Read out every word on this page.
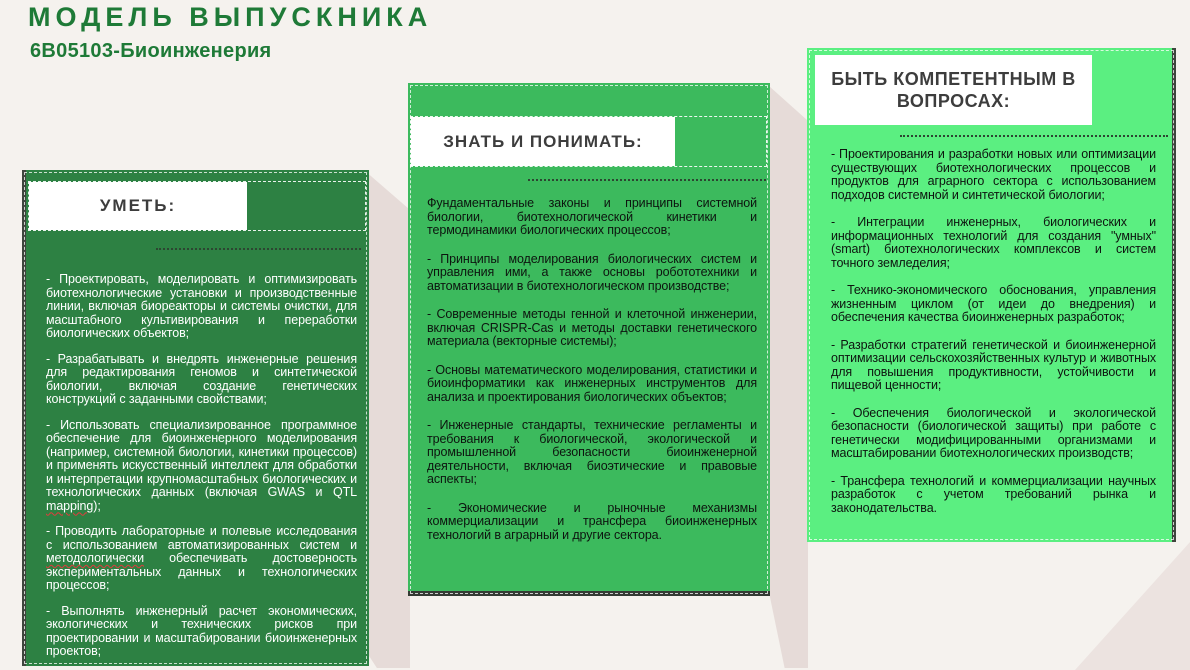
МОДЕЛЬ ВЫПУСКНИКА
6В05103-Биоинженерия
УМЕТЬ:

- Проектировать, моделировать и оптимизировать биотехнологические установки и производственные линии, включая биореакторы и системы очистки, для масштабного культивирования и переработки биологических объектов;

- Разрабатывать и внедрять инженерные решения для редактирования геномов и синтетической биологии, включая создание генетических конструкций с заданными свойствами;

- Использовать специализированное программное обеспечение для биоинженерного моделирования (например, системной биологии, кинетики процессов) и применять искусственный интеллект для обработки и интерпретации крупномасштабных биологических и технологических данных (включая GWAS и QTL mapping);

- Проводить лабораторные и полевые исследования с использованием автоматизированных систем и методологически обеспечивать достоверность экспериментальных данных и технологических процессов;

- Выполнять инженерный расчет экономических, экологических и технических рисков при проектировании и масштабировании биоинженерных проектов;

ЗНАТЬ И ПОНИМАТЬ:

Фундаментальные законы и принципы системной биологии, биотехнологической кинетики и термодинамики биологических процессов;

- Принципы моделирования биологических систем и управления ими, а также основы робототехники и автоматизации в биотехнологическом производстве;

- Современные методы генной и клеточной инженерии, включая CRISPR-Cas и методы доставки генетического материала (векторные системы);

- Основы математического моделирования, статистики и биоинформатики как инженерных инструментов для анализа и проектирования биологических объектов;

- Инженерные стандарты, технические регламенты и требования к биологической, экологической и промышленной безопасности биоинженерной деятельности, включая биоэтические и правовые аспекты;

- Экономические и рыночные механизмы коммерциализации и трансфера биоинженерных технологий в аграрный и другие сектора.

БЫТЬ КОМПЕТЕНТНЫМ В ВОПРОСАХ:

- Проектирования и разработки новых или оптимизации существующих биотехнологических процессов и продуктов для аграрного сектора с использованием подходов системной и синтетической биологии;

- Интеграции инженерных, биологических и информационных технологий для создания "умных" (smart) биотехнологических комплексов и систем точного земледелия;

- Технико-экономического обоснования, управления жизненным циклом (от идеи до внедрения) и обеспечения качества биоинженерных разработок;

- Разработки стратегий генетической и биоинженерной оптимизации сельскохозяйственных культур и животных для повышения продуктивности, устойчивости и пищевой ценности;

- Обеспечения биологической и экологической безопасности (биологической защиты) при работе с генетически модифицированными организмами и масштабировании биотехнологических производств;

- Трансфера технологий и коммерциализации научных разработок с учетом требований рынка и законодательства.
